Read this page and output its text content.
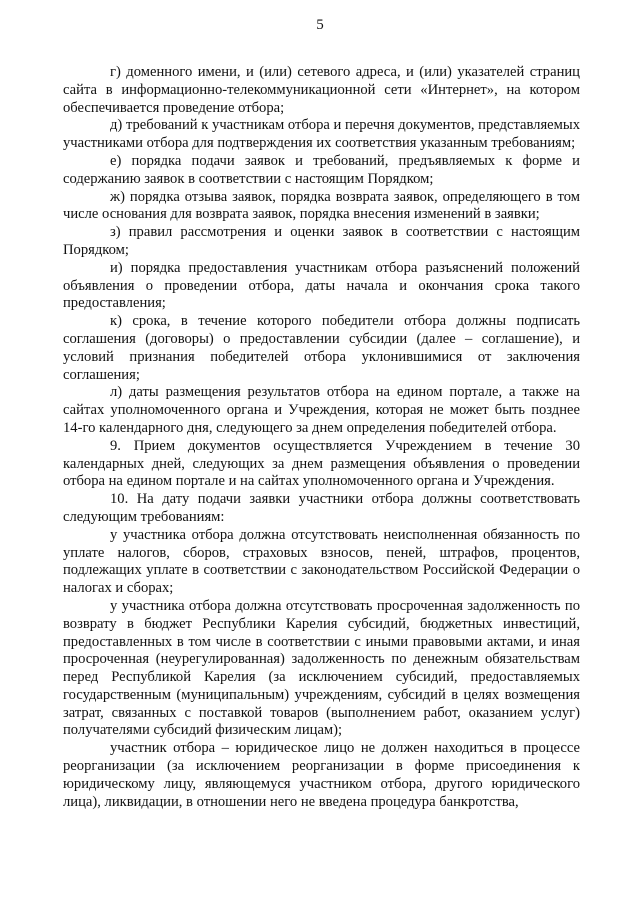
5

г) доменного имени, и (или) сетевого адреса, и (или) указателей страниц сайта в информационно-телекоммуникационной сети «Интернет», на котором обеспечивается проведение отбора;

д) требований к участникам отбора и перечня документов, представляемых участниками отбора для подтверждения их соответствия указанным требованиям;

е) порядка подачи заявок и требований, предъявляемых к форме и содержанию заявок в соответствии с настоящим Порядком;

ж) порядка отзыва заявок, порядка возврата заявок, определяющего в том числе основания для возврата заявок, порядка внесения изменений в заявки;

з) правил рассмотрения и оценки заявок в соответствии с настоящим Порядком;

и) порядка предоставления участникам отбора разъяснений положений объявления о проведении отбора, даты начала и окончания срока такого предоставления;

к) срока, в течение которого победители отбора должны подписать соглашения (договоры) о предоставлении субсидии (далее – соглашение), и условий признания победителей отбора уклонившимися от заключения соглашения;

л) даты размещения результатов отбора на едином портале, а также на сайтах уполномоченного органа и Учреждения, которая не может быть позднее 14-го календарного дня, следующего за днем определения победителей отбора.

9. Прием документов осуществляется Учреждением в течение 30 календарных дней, следующих за днем размещения объявления о проведении отбора на едином портале и на сайтах уполномоченного органа и Учреждения.

10. На дату подачи заявки участники отбора должны соответствовать следующим требованиям:

у участника отбора должна отсутствовать неисполненная обязанность по уплате налогов, сборов, страховых взносов, пеней, штрафов, процентов, подлежащих уплате в соответствии с законодательством Российской Федерации о налогах и сборах;

у участника отбора должна отсутствовать просроченная задолженность по возврату в бюджет Республики Карелия субсидий, бюджетных инвестиций, предоставленных в том числе в соответствии с иными правовыми актами, и иная просроченная (неурегулированная) задолженность по денежным обязательствам перед Республикой Карелия (за исключением субсидий, предоставляемых государственным (муниципальным) учреждениям, субсидий в целях возмещения затрат, связанных с поставкой товаров (выполнением работ, оказанием услуг) получателями субсидий физическим лицам);

участник отбора – юридическое лицо не должен находиться в процессе реорганизации (за исключением реорганизации в форме присоединения к юридическому лицу, являющемуся участником отбора, другого юридического лица), ликвидации, в отношении него не введена процедура банкротства,
